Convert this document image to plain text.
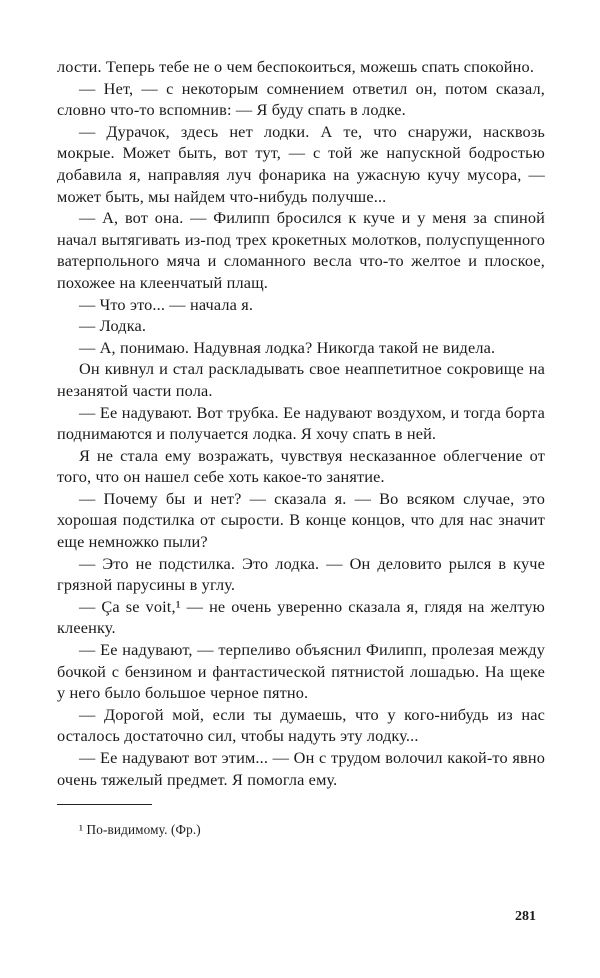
лости. Теперь тебе не о чем беспокоиться, можешь спать спокойно.

— Нет, — с некоторым сомнением ответил он, потом сказал, словно что-то вспомнив: — Я буду спать в лодке.

— Дурачок, здесь нет лодки. А те, что снаружи, насквозь мокрые. Может быть, вот тут, — с той же напускной бодростью добавила я, направляя луч фонарика на ужасную кучу мусора, — может быть, мы найдем что-нибудь получше...

— А, вот она. — Филипп бросился к куче и у меня за спиной начал вытягивать из-под трех крокетных молотков, полуспущенного ватерпольного мяча и сломанного весла что-то желтое и плоское, похожее на клеенчатый плащ.

— Что это... — начала я.

— Лодка.

— А, понимаю. Надувная лодка? Никогда такой не видела.

Он кивнул и стал раскладывать свое неаппетитное сокровище на незанятой части пола.

— Ее надувают. Вот трубка. Ее надувают воздухом, и тогда борта поднимаются и получается лодка. Я хочу спать в ней.

Я не стала ему возражать, чувствуя несказанное облегчение от того, что он нашел себе хоть какое-то занятие.

— Почему бы и нет? — сказала я. — Во всяком случае, это хорошая подстилка от сырости. В конце концов, что для нас значит еще немножко пыли?

— Это не подстилка. Это лодка. — Он деловито рылся в куче грязной парусины в углу.

— Ça se voit,¹ — не очень уверенно сказала я, глядя на желтую клеенку.

— Ее надувают, — терпеливо объяснил Филипп, пролезая между бочкой с бензином и фантастической пятнистой лошадью. На щеке у него было большое черное пятно.

— Дорогой мой, если ты думаешь, что у кого-нибудь из нас осталось достаточно сил, чтобы надуть эту лодку...

— Ее надувают вот этим... — Он с трудом волочил какой-то явно очень тяжелый предмет. Я помогла ему.

¹ По-видимому. (Фр.)

281
